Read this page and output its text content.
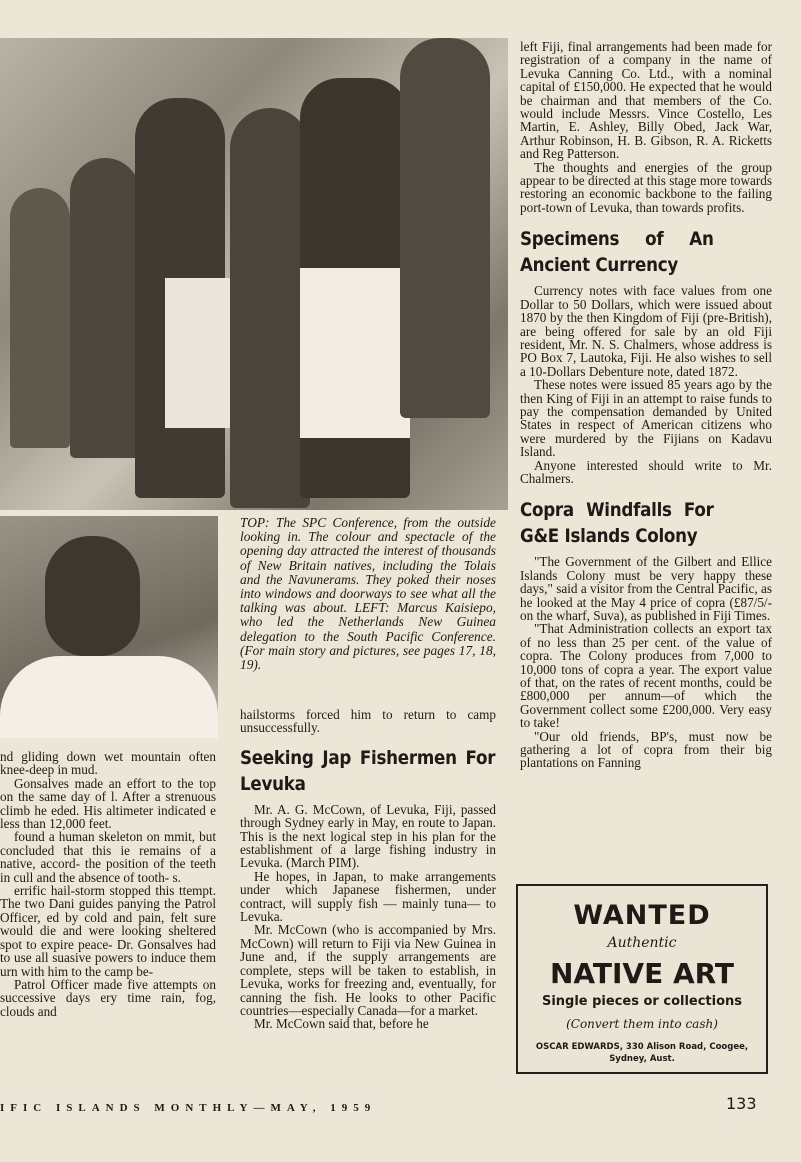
TOP: The SPC Conference, from the outside looking in. The colour and spectacle of the opening day attracted the interest of thousands of New Britain natives, including the Tolais and the Navunerams. They poked their noses into windows and doorways to see what all the talking was about. LEFT: Marcus Kaisiepo, who led the Netherlands New Guinea delegation to the South Pacific Conference. (For main story and pictures, see pages 17, 18, 19).

nd gliding down wet mountain often knee-deep in mud.

Gonsalves made an effort to the top on the same day of l. After a strenuous climb he eded. His altimeter indicated e less than 12,000 feet.

found a human skeleton on mmit, but concluded that this ie remains of a native, accord- the position of the teeth in cull and the absence of tooth- s.

errific hail-storm stopped this ttempt. The two Dani guides panying the Patrol Officer, ed by cold and pain, felt sure would die and were looking sheltered spot to expire peace- Dr. Gonsalves had to use all suasive powers to induce them urn with him to the camp be-

Patrol Officer made five attempts on successive days ery time rain, fog, clouds and

hailstorms forced him to return to camp unsuccessfully.

Seeking Jap Fishermen For Levuka

Mr. A. G. McCown, of Levuka, Fiji, passed through Sydney early in May, en route to Japan. This is the next logical step in his plan for the establishment of a large fishing industry in Levuka. (March PIM).

He hopes, in Japan, to make arrangements under which Japanese fishermen, under contract, will supply fish — mainly tuna— to Levuka.

Mr. McCown (who is accompanied by Mrs. McCown) will return to Fiji via New Guinea in June and, if the supply arrangements are complete, steps will be taken to establish, in Levuka, works for freezing and, eventually, for canning the fish. He looks to other Pacific countries—especially Canada—for a market.

Mr. McCown said that, before he

left Fiji, final arrangements had been made for registration of a company in the name of Levuka Canning Co. Ltd., with a nominal capital of £150,000. He expected that he would be chairman and that members of the Co. would include Messrs. Vince Costello, Les Martin, E. Ashley, Billy Obed, Jack War, Arthur Robinson, H. B. Gibson, R. A. Ricketts and Reg Patterson.

The thoughts and energies of the group appear to be directed at this stage more towards restoring an economic backbone to the failing port-town of Levuka, than towards profits.

Specimens of An Ancient Currency

Currency notes with face values from one Dollar to 50 Dollars, which were issued about 1870 by the then Kingdom of Fiji (pre-British), are being offered for sale by an old Fiji resident, Mr. N. S. Chalmers, whose address is PO Box 7, Lautoka, Fiji. He also wishes to sell a 10-Dollars Debenture note, dated 1872.

These notes were issued 85 years ago by the then King of Fiji in an attempt to raise funds to pay the compensation demanded by United States in respect of American citizens who were murdered by the Fijians on Kadavu Island.

Anyone interested should write to Mr. Chalmers.

Copra Windfalls For G&E Islands Colony

"The Government of the Gilbert and Ellice Islands Colony must be very happy these days," said a visitor from the Central Pacific, as he looked at the May 4 price of copra (£87/5/- on the wharf, Suva), as published in Fiji Times.

"That Administration collects an export tax of no less than 25 per cent. of the value of copra. The Colony produces from 7,000 to 10,000 tons of copra a year. The export value of that, on the rates of recent months, could be £800,000 per annum—of which the Government collect some £200,000. Very easy to take!

"Our old friends, BP's, must now be gathering a lot of copra from their big plantations on Fanning

WANTED
Authentic
NATIVE ART
Single pieces or collections
(Convert them into cash)
OSCAR EDWARDS, 330 Alison Road, Coogee, Sydney, Aust.
IFIC ISLANDS MONTHLY—MAY, 1959	133
